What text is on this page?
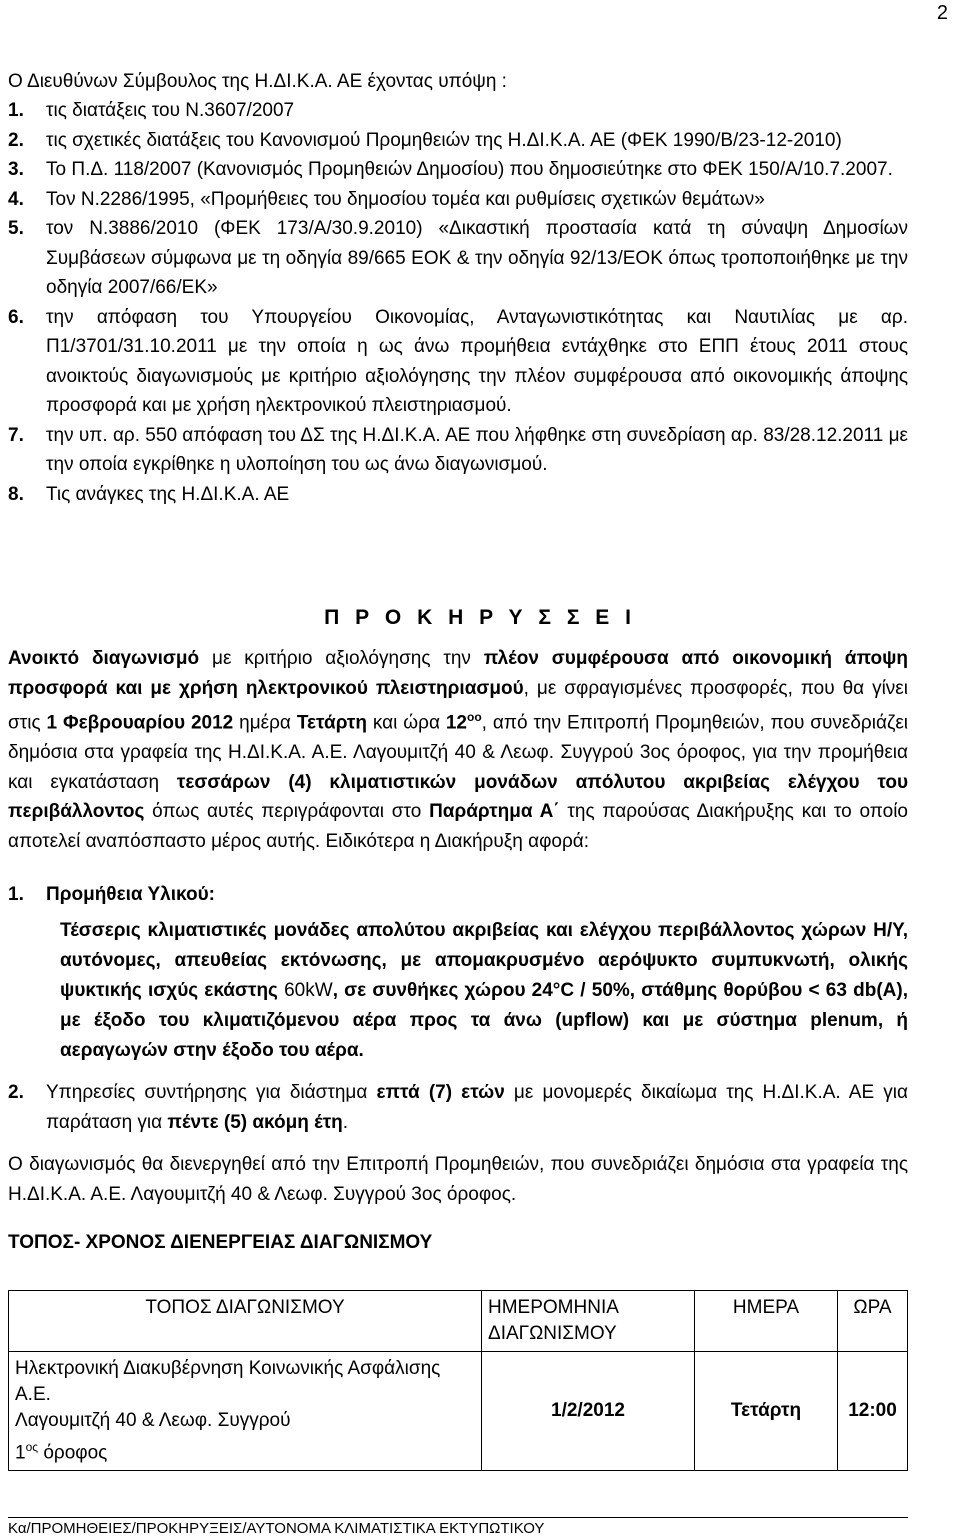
2
Ο Διευθύνων Σύμβουλος της Η.ΔΙ.Κ.Α. ΑΕ έχοντας υπόψη :
1.	τις διατάξεις του Ν.3607/2007
2.	τις σχετικές διατάξεις του Κανονισμού Προμηθειών της Η.ΔΙ.Κ.Α. ΑΕ (ΦΕΚ 1990/Β/23-12-2010)
3.	Το Π.Δ. 118/2007 (Κανονισμός Προμηθειών Δημοσίου) που δημοσιεύτηκε στο ΦΕΚ 150/Α/10.7.2007.
4.	Τον Ν.2286/1995, «Προμήθειες του δημοσίου τομέα και ρυθμίσεις σχετικών θεμάτων»
5.	τον Ν.3886/2010 (ΦΕΚ 173/Α/30.9.2010) «Δικαστική προστασία κατά τη σύναψη Δημοσίων Συμβάσεων σύμφωνα με τη οδηγία 89/665 ΕΟΚ & την οδηγία 92/13/ΕΟΚ όπως τροποποιήθηκε με την οδηγία 2007/66/ΕΚ»
6.	την απόφαση του Υπουργείου Οικονομίας, Ανταγωνιστικότητας και Ναυτιλίας με αρ. Π1/3701/31.10.2011 με την οποία η ως άνω προμήθεια εντάχθηκε στο ΕΠΠ έτους 2011 στους ανοικτούς διαγωνισμούς με κριτήριο αξιολόγησης την πλέον συμφέρουσα από οικονομικής άποψης προσφορά και με χρήση ηλεκτρονικού πλειστηριασμού.
7.	την υπ. αρ. 550 απόφαση του ΔΣ της Η.ΔΙ.Κ.Α. ΑΕ που λήφθηκε στη συνεδρίαση αρ. 83/28.12.2011 με την οποία εγκρίθηκε η υλοποίηση του ως άνω διαγωνισμού.
8.	Τις ανάγκες της Η.ΔΙ.Κ.Α. ΑΕ
Π Ρ Ο Κ Η Ρ Υ Σ Σ Ε Ι
Ανοικτό διαγωνισμό με κριτήριο αξιολόγησης την πλέον συμφέρουσα από οικονομική άποψη προσφορά και με χρήση ηλεκτρονικού πλειστηριασμού, με σφραγισμένες προσφορές, που θα γίνει στις 1 Φεβρουαρίου 2012 ημέρα Τετάρτη και ώρα $12^{oo}$, από την Επιτροπή Προμηθειών, που συνεδριάζει δημόσια στα γραφεία της Η.ΔΙ.Κ.Α. Α.Ε. Λαγουμιτζή 40 & Λεωφ. Συγγρού 3ος όροφος, για την προμήθεια και εγκατάσταση τεσσάρων (4) κλιματιστικών μονάδων απόλυτου ακριβείας ελέγχου του περιβάλλοντος όπως αυτές περιγράφονται στο Παράρτημα Α΄ της παρούσας Διακήρυξης και το οποίο αποτελεί αναπόσπαστο μέρος αυτής. Ειδικότερα η Διακήρυξη αφορά:
1.	Προμήθεια Υλικού:
Τέσσερις κλιματιστικές μονάδες απολύτου ακριβείας και ελέγχου περιβάλλοντος χώρων Η/Υ, αυτόνομες, απευθείας εκτόνωσης, με απομακρυσμένο αερόψυκτο συμπυκνωτή, ολικής ψυκτικής ισχύς εκάστης 60kW, σε συνθήκες χώρου 24°C / 50%, στάθμης θορύβου < 63 db(A), με έξοδο του κλιματιζόμενου αέρα προς τα άνω (upflow) και με σύστημα plenum, ή αεραγωγών στην έξοδο του αέρα.
2.	Υπηρεσίες συντήρησης για διάστημα επτά (7) ετών με μονομερές δικαίωμα της Η.ΔΙ.Κ.Α. ΑΕ για παράταση για πέντε (5) ακόμη έτη.
Ο διαγωνισμός θα διενεργηθεί από την Επιτροπή Προμηθειών, που συνεδριάζει δημόσια στα γραφεία της Η.ΔΙ.Κ.Α. Α.Ε. Λαγουμιτζή 40 & Λεωφ. Συγγρού 3ος όροφος.
ΤΟΠΟΣ- ΧΡΟΝΟΣ ΔΙΕΝΕΡΓΕΙΑΣ ΔΙΑΓΩΝΙΣΜΟΥ
ΤΟΠΟΣ ΔΙΑΓΩΝΙΣΜΟΥ	ΗΜΕΡΟΜΗΝΙΑ ΔΙΑΓΩΝΙΣΜΟΥ	ΗΜΕΡΑ	ΩΡΑ

Ηλεκτρονική Διακυβέρνηση Κοινωνικής Ασφάλισης Α.Ε.
Λαγουμιτζή 40 & Λεωφ. Συγγρού
$1^{o\varsigma}$ όροφος	1/2/2012	Τετάρτη	12:00
Κα/ΠΡΟΜΗΘΕΙΕΣ/ΠΡΟΚΗΡΥΞΕΙΣ/ΑΥΤΟΝΟΜΑ ΚΛΙΜΑΤΙΣΤΙΚΑ ΕΚΤΥΠΩΤΙΚΟΥ
